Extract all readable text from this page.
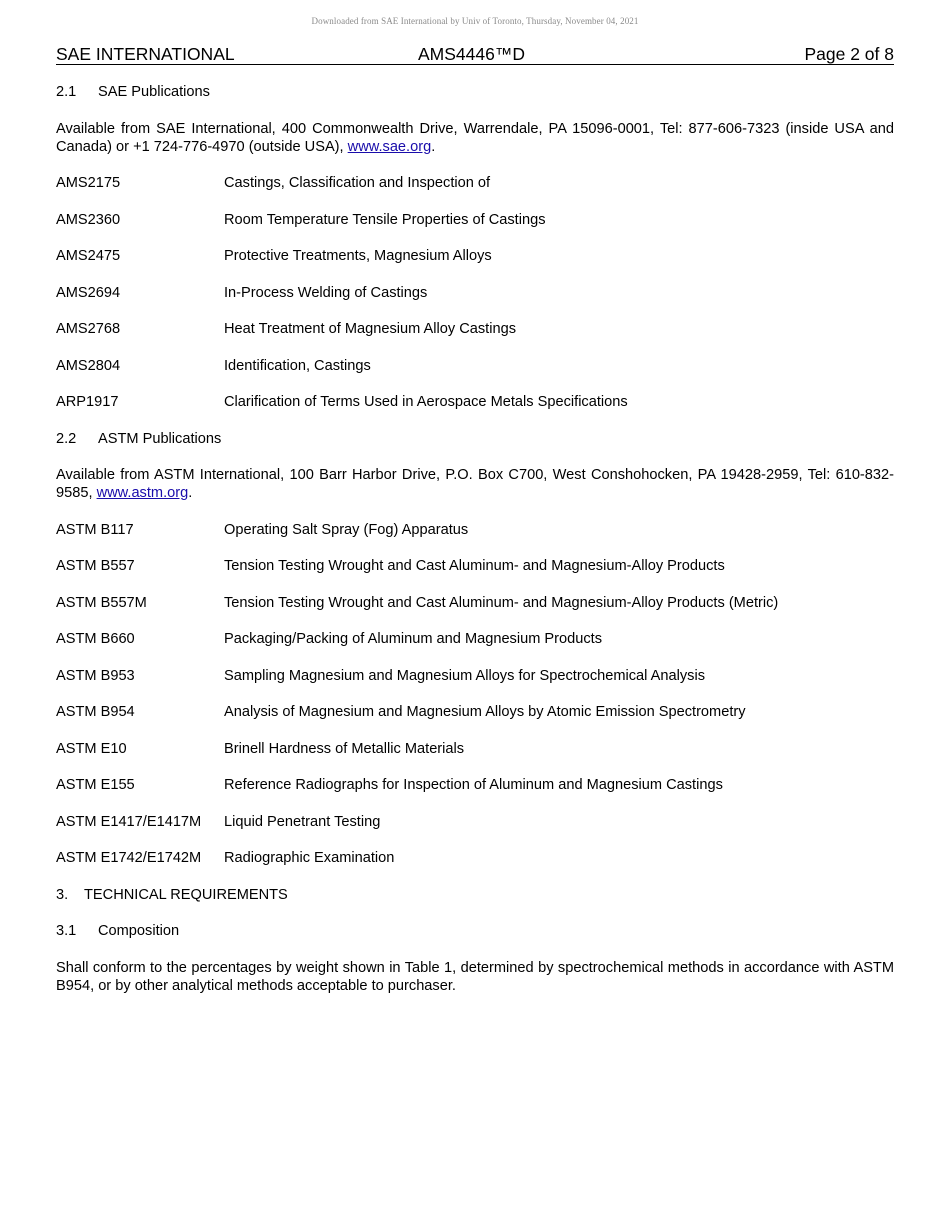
Downloaded from SAE International by Univ of Toronto, Thursday, November 04, 2021
SAE INTERNATIONAL	AMS4446™D	Page 2 of 8
2.1	SAE Publications

Available from SAE International, 400 Commonwealth Drive, Warrendale, PA 15096-0001, Tel: 877-606-7323 (inside USA and Canada) or +1 724-776-4970 (outside USA), www.sae.org.

AMS2175	Castings, Classification and Inspection of
AMS2360	Room Temperature Tensile Properties of Castings
AMS2475	Protective Treatments, Magnesium Alloys
AMS2694	In-Process Welding of Castings
AMS2768	Heat Treatment of Magnesium Alloy Castings
AMS2804	Identification, Castings
ARP1917	Clarification of Terms Used in Aerospace Metals Specifications
2.2	ASTM Publications

Available from ASTM International, 100 Barr Harbor Drive, P.O. Box C700, West Conshohocken, PA 19428-2959, Tel: 610-832-9585, www.astm.org.

ASTM B117	Operating Salt Spray (Fog) Apparatus
ASTM B557	Tension Testing Wrought and Cast Aluminum- and Magnesium-Alloy Products
ASTM B557M	Tension Testing Wrought and Cast Aluminum- and Magnesium-Alloy Products (Metric)
ASTM B660	Packaging/Packing of Aluminum and Magnesium Products
ASTM B953	Sampling Magnesium and Magnesium Alloys for Spectrochemical Analysis
ASTM B954	Analysis of Magnesium and Magnesium Alloys by Atomic Emission Spectrometry
ASTM E10	Brinell Hardness of Metallic Materials
ASTM E155	Reference Radiographs for Inspection of Aluminum and Magnesium Castings
ASTM E1417/E1417M	Liquid Penetrant Testing
ASTM E1742/E1742M	Radiographic Examination
3.	TECHNICAL REQUIREMENTS
3.1	Composition

Shall conform to the percentages by weight shown in Table 1, determined by spectrochemical methods in accordance with ASTM B954, or by other analytical methods acceptable to purchaser.
